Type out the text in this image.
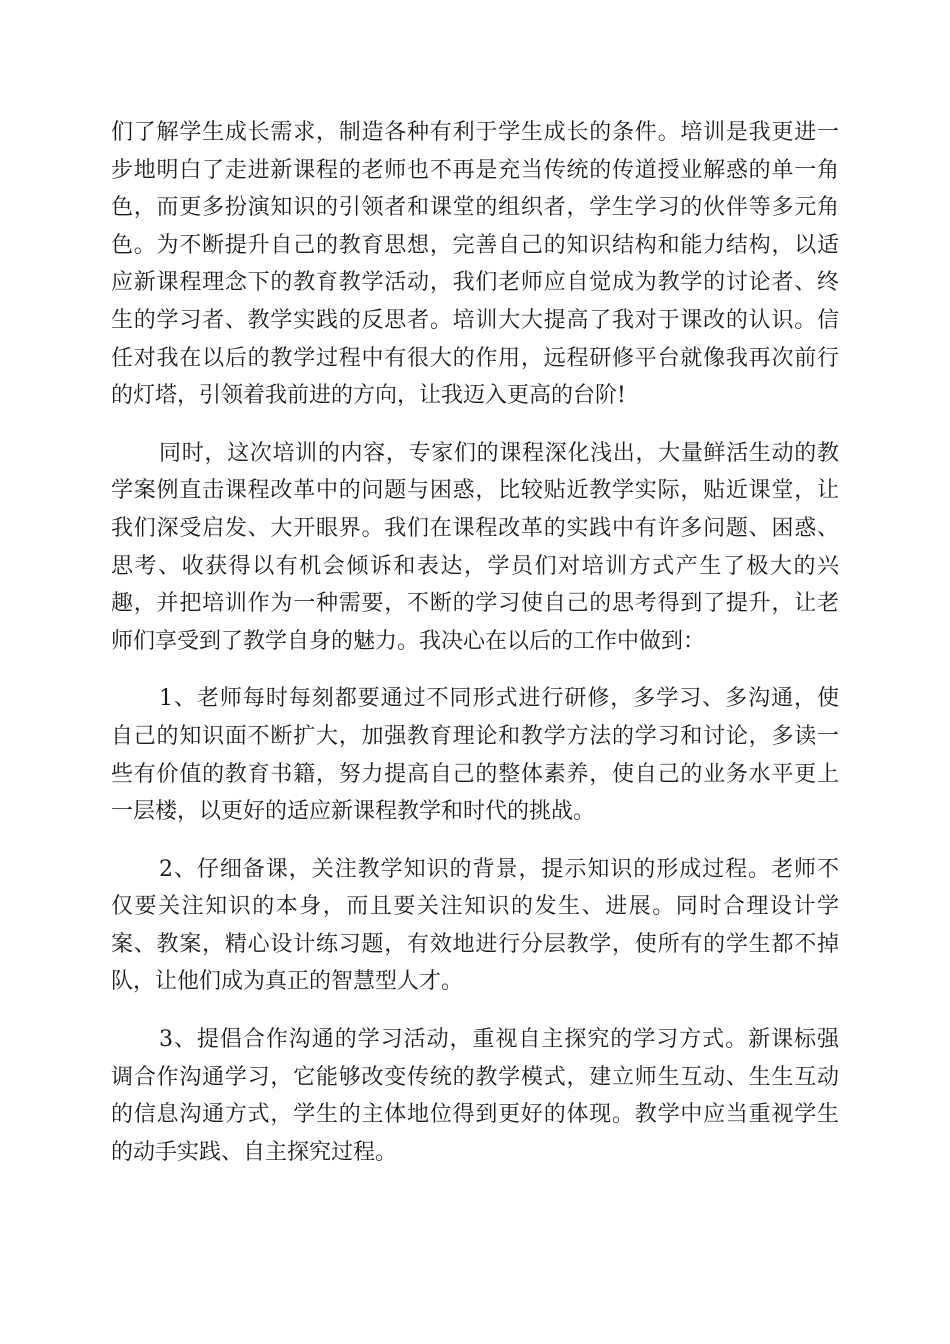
们了解学生成长需求，制造各种有利于学生成长的条件。培训是我更进一
步地明白了走进新课程的老师也不再是充当传统的传道授业解惑的单一角
色，而更多扮演知识的引领者和课堂的组织者，学生学习的伙伴等多元角
色。为不断提升自己的教育思想，完善自己的知识结构和能力结构，以适
应新课程理念下的教育教学活动，我们老师应自觉成为教学的讨论者、终
生的学习者、教学实践的反思者。培训大大提高了我对于课改的认识。信
任对我在以后的教学过程中有很大的作用，远程研修平台就像我再次前行
的灯塔，引领着我前进的方向，让我迈入更高的台阶!

同时，这次培训的内容，专家们的课程深化浅出，大量鲜活生动的教
学案例直击课程改革中的问题与困惑，比较贴近教学实际，贴近课堂，让
我们深受启发、大开眼界。我们在课程改革的实践中有许多问题、困惑、
思考、收获得以有机会倾诉和表达，学员们对培训方式产生了极大的兴
趣，并把培训作为一种需要，不断的学习使自己的思考得到了提升，让老
师们享受到了教学自身的魅力。我决心在以后的工作中做到：

1、老师每时每刻都要通过不同形式进行研修，多学习、多沟通，使
自己的知识面不断扩大，加强教育理论和教学方法的学习和讨论，多读一
些有价值的教育书籍，努力提高自己的整体素养，使自己的业务水平更上
一层楼，以更好的适应新课程教学和时代的挑战。

2、仔细备课，关注教学知识的背景，提示知识的形成过程。老师不
仅要关注知识的本身，而且要关注知识的发生、进展。同时合理设计学
案、教案，精心设计练习题，有效地进行分层教学，使所有的学生都不掉
队，让他们成为真正的智慧型人才。

3、提倡合作沟通的学习活动，重视自主探究的学习方式。新课标强
调合作沟通学习，它能够改变传统的教学模式，建立师生互动、生生互动
的信息沟通方式，学生的主体地位得到更好的体现。教学中应当重视学生
的动手实践、自主探究过程。
